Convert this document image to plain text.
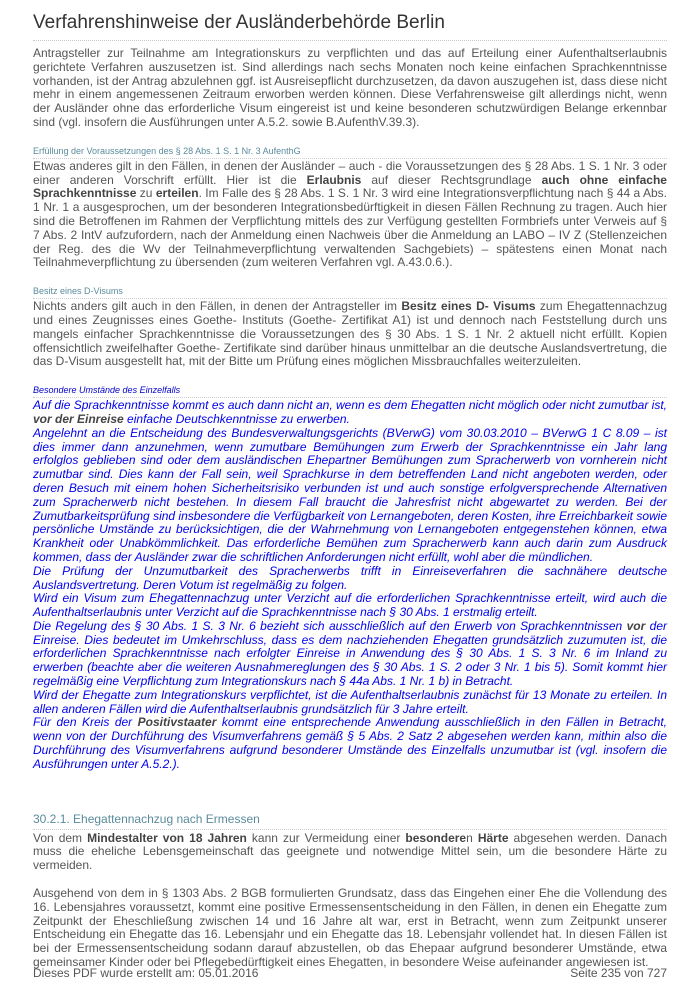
Verfahrenshinweise der Ausländerbehörde Berlin

Antragsteller zur Teilnahme am Integrationskurs zu verpflichten und das auf Erteilung einer Aufenthaltserlaubnis gerichtete Verfahren auszusetzen ist. Sind allerdings nach sechs Monaten noch keine einfachen Sprachkenntnisse vorhanden, ist der Antrag abzulehnen ggf. ist Ausreisepflicht durchzusetzen, da davon auszugehen ist, dass diese nicht mehr in einem angemessenen Zeitraum erworben werden können. Diese Verfahrensweise gilt allerdings nicht, wenn der Ausländer ohne das erforderliche Visum eingereist ist und keine besonderen schutzwürdigen Belange erkennbar sind (vgl. insofern die Ausführungen unter A.5.2. sowie B.AufenthV.39.3).

Erfüllung der Voraussetzungen des § 28 Abs. 1 S. 1 Nr. 3 AufenthG

Etwas anderes gilt in den Fällen, in denen der Ausländer – auch - die Voraussetzungen des § 28 Abs. 1 S. 1 Nr. 3 oder einer anderen Vorschrift erfüllt. Hier ist die Erlaubnis auf dieser Rechtsgrundlage auch ohne einfache Sprachkenntnisse zu erteilen. Im Falle des § 28 Abs. 1 S. 1 Nr. 3 wird eine Integrationsverpflichtung nach § 44 a Abs. 1 Nr. 1 a ausgesprochen, um der besonderen Integrationsbedürftigkeit in diesen Fällen Rechnung zu tragen. Auch hier sind die Betroffenen im Rahmen der Verpflichtung mittels des zur Verfügung gestellten Formbriefs unter Verweis auf § 7 Abs. 2 IntV aufzufordern, nach der Anmeldung einen Nachweis über die Anmeldung an LABO – IV Z (Stellenzeichen der Reg. des die Wv der Teilnahmeverpflichtung verwaltenden Sachgebiets) – spätestens einen Monat nach Teilnahmeverpflichtung zu übersenden (zum weiteren Verfahren vgl. A.43.0.6.).

Besitz eines D-Visums

Nichts anders gilt auch in den Fällen, in denen der Antragsteller im Besitz eines D- Visums zum Ehegattennachzug und eines Zeugnisses eines Goethe- Instituts (Goethe- Zertifikat A1) ist und dennoch nach Feststellung durch uns mangels einfacher Sprachkenntnisse die Voraussetzungen des § 30 Abs. 1 S. 1 Nr. 2 aktuell nicht erfüllt. Kopien offensichtlich zweifelhafter Goethe- Zertifikate sind darüber hinaus unmittelbar an die deutsche Auslandsvertretung, die das D-Visum ausgestellt hat, mit der Bitte um Prüfung eines möglichen Missbrauchfalles weiterzuleiten.

Besondere Umstände des Einzelfalls

Auf die Sprachkenntnisse kommt es auch dann nicht an, wenn es dem Ehegatten nicht möglich oder nicht zumutbar ist, vor der Einreise einfache Deutschkenntnisse zu erwerben.

Angelehnt an die Entscheidung des Bundesverwaltungsgerichts (BVerwG) vom 30.03.2010 – BVerwG 1 C 8.09 – ist dies immer dann anzunehmen, wenn zumutbare Bemühungen zum Erwerb der Sprachkenntnisse ein Jahr lang erfolglos geblieben sind oder dem ausländischen Ehepartner Bemühungen zum Spracherwerb von vornherein nicht zumutbar sind. Dies kann der Fall sein, weil Sprachkurse in dem betreffenden Land nicht angeboten werden, oder deren Besuch mit einem hohen Sicherheitsrisiko verbunden ist und auch sonstige erfolgversprechende Alternativen zum Spracherwerb nicht bestehen. In diesem Fall braucht die Jahresfrist nicht abgewartet zu werden. Bei der Zumutbarkeitsprüfung sind insbesondere die Verfügbarkeit von Lernangeboten, deren Kosten, ihre Erreichbarkeit sowie persönliche Umstände zu berücksichtigen, die der Wahrnehmung von Lernangeboten entgegenstehen können, etwa Krankheit oder Unabkömmlichkeit. Das erforderliche Bemühen zum Spracherwerb kann auch darin zum Ausdruck kommen, dass der Ausländer zwar die schriftlichen Anforderungen nicht erfüllt, wohl aber die mündlichen.

Die Prüfung der Unzumutbarkeit des Spracherwerbs trifft in Einreiseverfahren die sachnähere deutsche Auslandsvertretung. Deren Votum ist regelmäßig zu folgen.

Wird ein Visum zum Ehegattennachzug unter Verzicht auf die erforderlichen Sprachkenntnisse erteilt, wird auch die Aufenthaltserlaubnis unter Verzicht auf die Sprachkenntnisse nach § 30 Abs. 1 erstmalig erteilt.

Die Regelung des § 30 Abs. 1 S. 3 Nr. 6 bezieht sich ausschließlich auf den Erwerb von Sprachkenntnissen vor der Einreise. Dies bedeutet im Umkehrschluss, dass es dem nachziehenden Ehegatten grundsätzlich zuzumuten ist, die erforderlichen Sprachkenntnisse nach erfolgter Einreise in Anwendung des § 30 Abs. 1 S. 3 Nr. 6 im Inland zu erwerben (beachte aber die weiteren Ausnahmereglungen des § 30 Abs. 1 S. 2 oder 3 Nr. 1 bis 5). Somit kommt hier regelmäßig eine Verpflichtung zum Integrationskurs nach § 44a Abs. 1 Nr. 1 b) in Betracht.

Wird der Ehegatte zum Integrationskurs verpflichtet, ist die Aufenthaltserlaubnis zunächst für 13 Monate zu erteilen. In allen anderen Fällen wird die Aufenthaltserlaubnis grundsätzlich für 3 Jahre erteilt.

Für den Kreis der Positivstaater kommt eine entsprechende Anwendung ausschließlich in den Fällen in Betracht, wenn von der Durchführung des Visumverfahrens gemäß § 5 Abs. 2 Satz 2 abgesehen werden kann, mithin also die Durchführung des Visumverfahrens aufgrund besonderer Umstände des Einzelfalls unzumutbar ist (vgl. insofern die Ausführungen unter A.5.2.).

30.2.1. Ehegattennachzug nach Ermessen

Von dem Mindestalter von 18 Jahren kann zur Vermeidung einer besonderen Härte abgesehen werden. Danach muss die eheliche Lebensgemeinschaft das geeignete und notwendige Mittel sein, um die besondere Härte zu vermeiden.

Ausgehend von dem in § 1303 Abs. 2 BGB formulierten Grundsatz, dass das Eingehen einer Ehe die Vollendung des 16. Lebensjahres voraussetzt, kommt eine positive Ermessensentscheidung in den Fällen, in denen ein Ehegatte zum Zeitpunkt der Eheschließung zwischen 14 und 16 Jahre alt war, erst in Betracht, wenn zum Zeitpunkt unserer Entscheidung ein Ehegatte das 16. Lebensjahr und ein Ehegatte das 18. Lebensjahr vollendet hat. In diesen Fällen ist bei der Ermessensentscheidung sodann darauf abzustellen, ob das Ehepaar aufgrund besonderer Umstände, etwa gemeinsamer Kinder oder bei Pflegebedürftigkeit eines Ehegatten, in besondere Weise aufeinander angewiesen ist.

Dieses PDF wurde erstellt am: 05.01.2016	Seite 235 von 727
